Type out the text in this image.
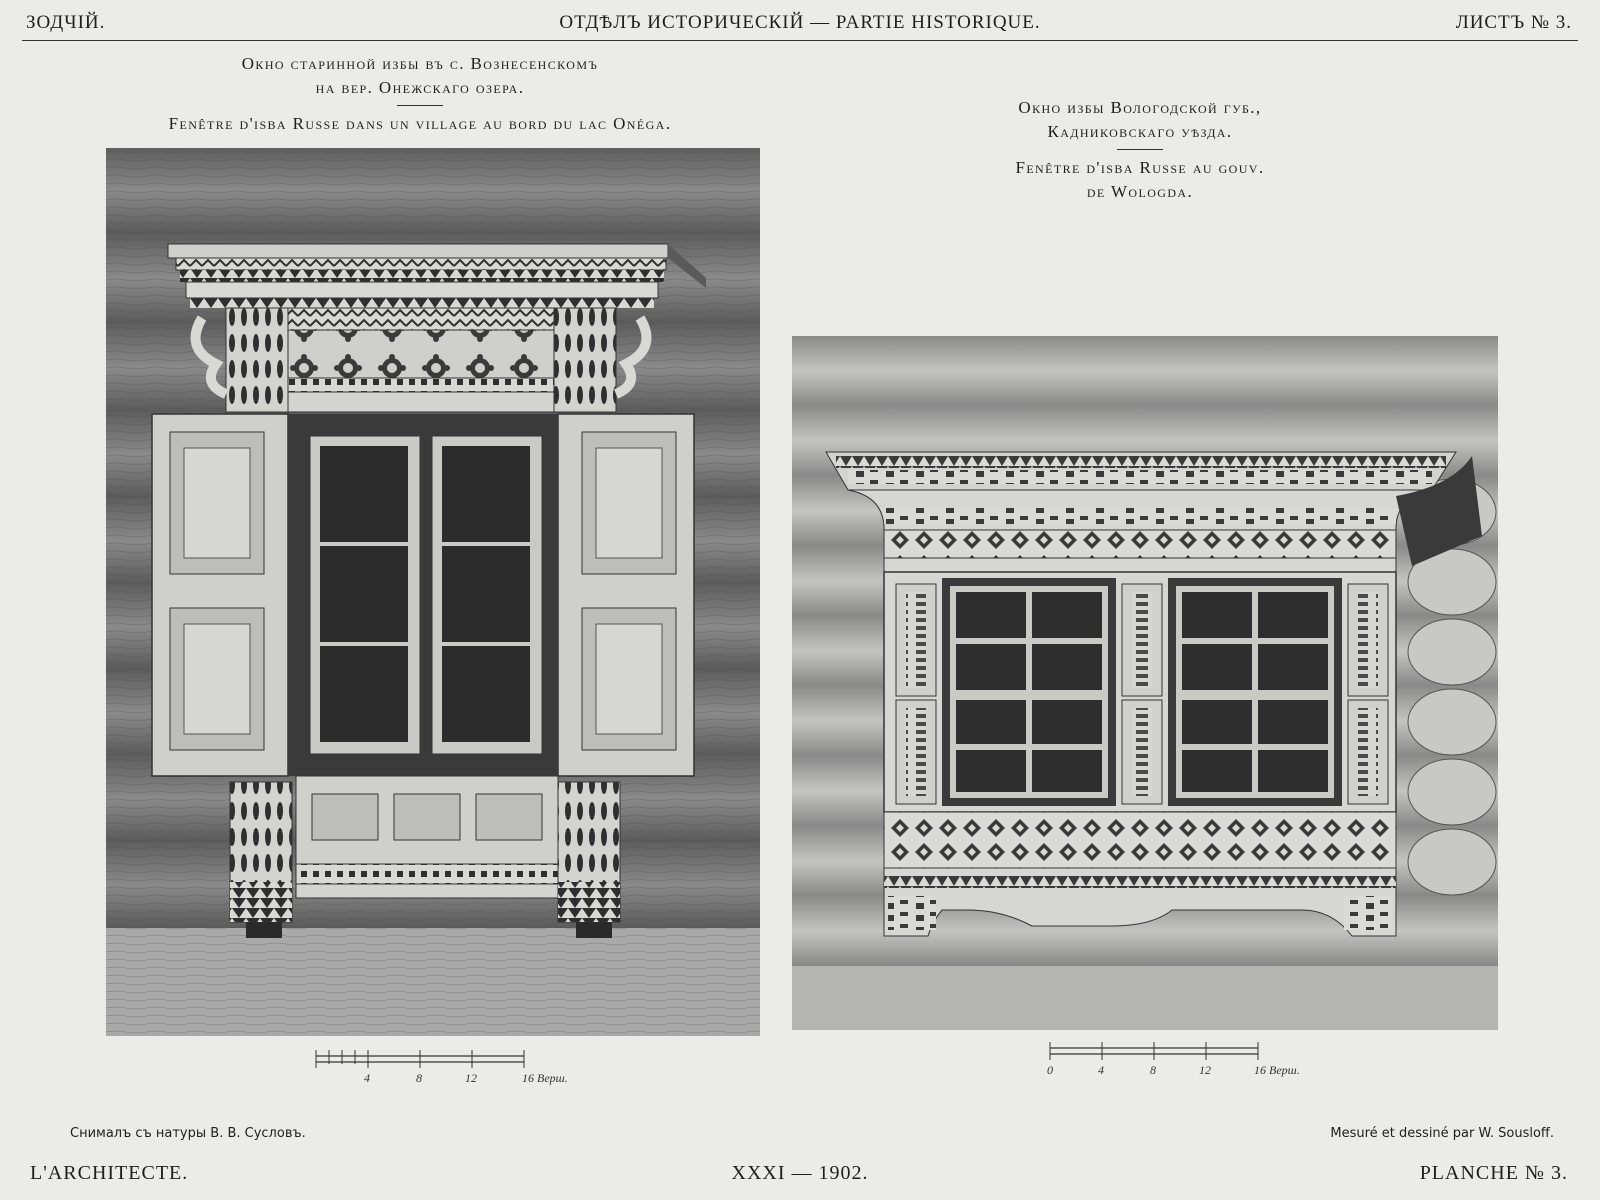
ЗОДЧІЙ.	ОТДѢЛЪ ИСТОРИЧЕСКІЙ — PARTIE HISTORIQUE.	ЛИСТЪ № 3.
Окно старинной избы въ с. Вознесенскомъ
на вер. Онежскаго озера.
Fenêtre d'isba Russe dans un village au bord du lac Onéga.
Окно избы Вологодской губ.,
Кадниковскаго уѣзда.
Fenêtre d'isba Russe au gouv.
de Wologda.
4	8	12	16 Верш.
0	4	8	12	16 Верш.
Снималъ съ натуры В. В. Сусловъ.	Mesuré et dessiné par W. Sousloff.
L'ARCHITECTE.	XXXI — 1902.	PLANCHE № 3.
